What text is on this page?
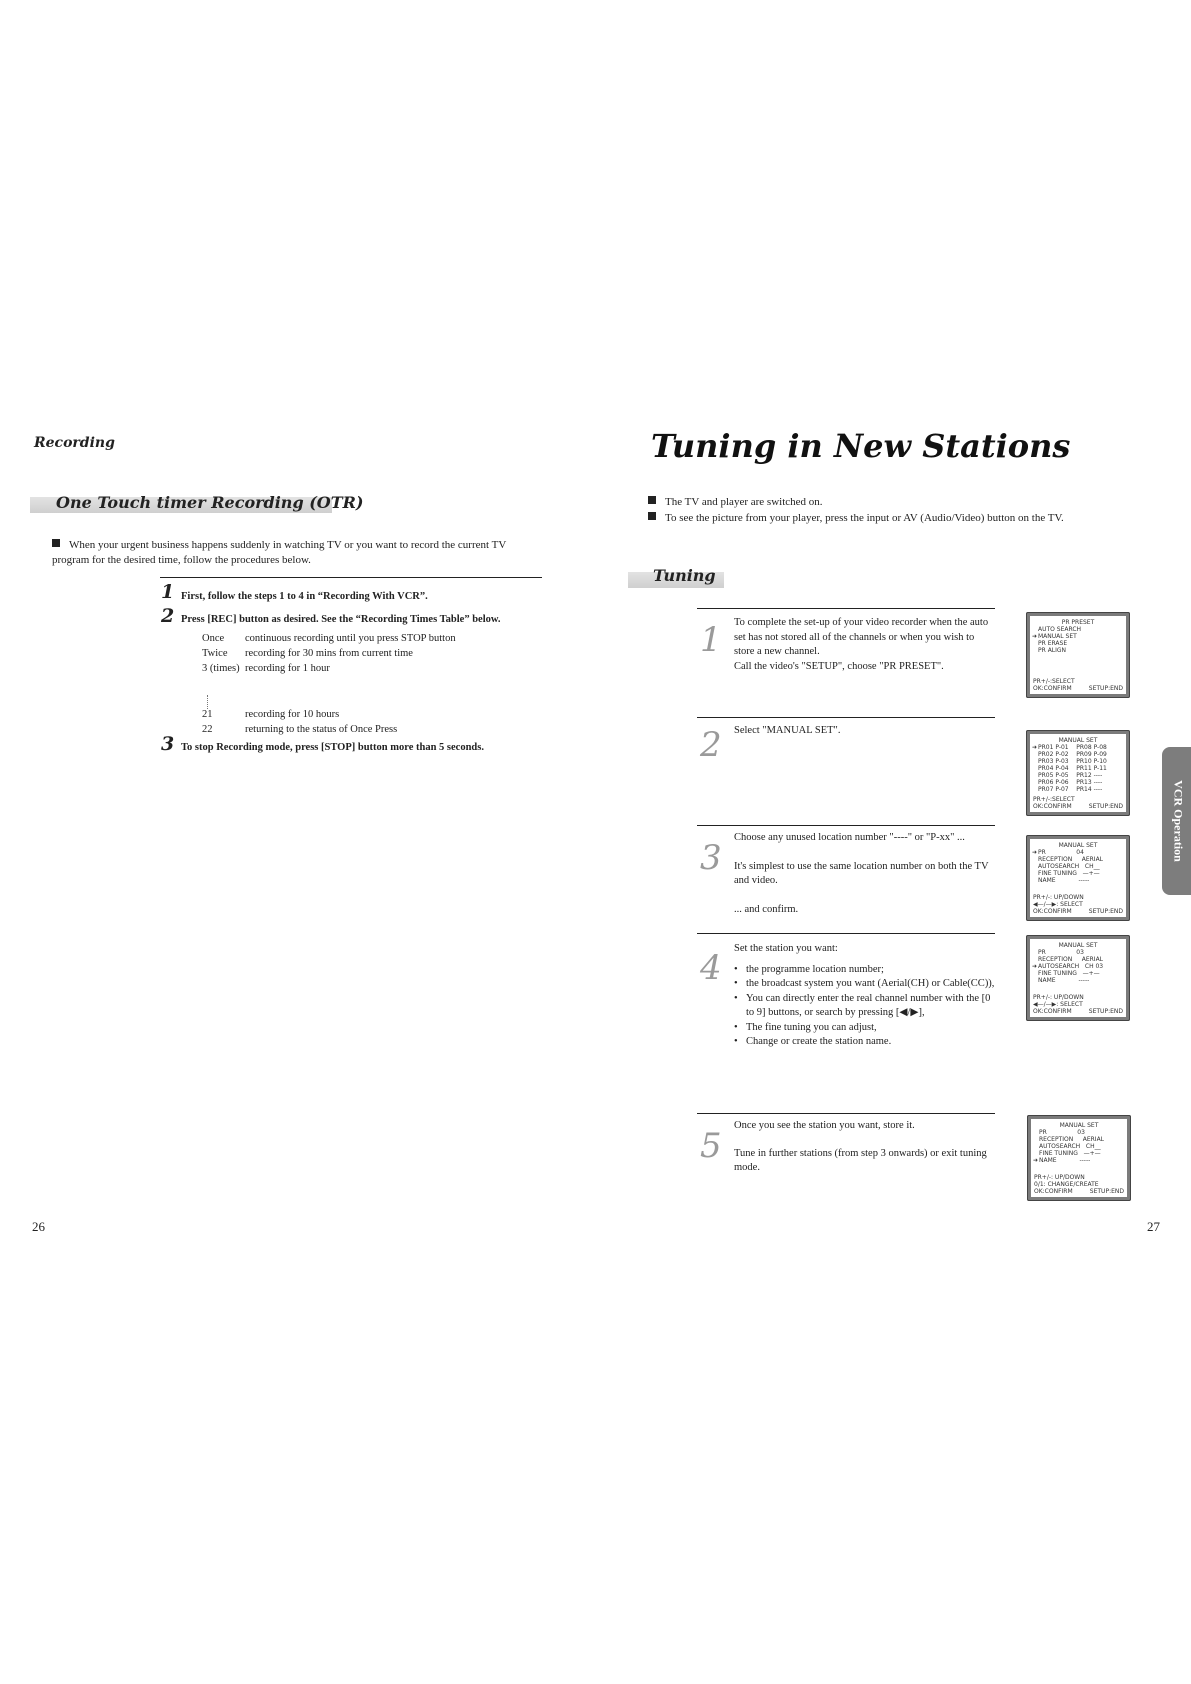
Recording
One Touch timer Recording (OTR)
When your urgent business happens suddenly in watching TV or you want to record the current TV program for the desired time, follow the procedures below.
1 First, follow the steps 1 to 4 in “Recording With VCR”.
2 Press [REC] button as desired. See the “Recording Times Table” below.
Once continuous recording until you press STOP button
Twice recording for 30 mins from current time
3 (times) recording for 1 hour
21	recording for 10 hours
22	returning to the status of Once Press
3 To stop Recording mode, press [STOP] button more than 5 seconds.
26
Tuning in New Stations
The TV and player are switched on.
To see the picture from your player, press the input or AV (Audio/Video) button on the TV.
Tuning
1 To complete the set-up of your video recorder when the auto set has not stored all of the channels or when you wish to store a new channel.

Call the video's "SETUP", choose "PR PRESET".

2 Select "MANUAL SET".

3

Choose any unused location number "----" or "P-xx" ...

It's simplest to use the same location number on both the TV and video.

... and confirm.

4 Set the station you want:

• the programme location number;
• the broadcast system you want (Aerial(CH) or Cable(CC)),
• You can directly enter the real channel number with the [0 to 9] buttons, or search by pressing [◀/▶],
• The fine tuning you can adjust,
• Change or create the station name.
5

Once you see the station you want, store it.

Tune in further stations (from step 3 onwards) or exit tuning mode.

PR PRESET
AUTO SEARCH
➜ MANUAL SET
PR ERASE
PR ALIGN
PR+/-:SELECT
OK:CONFIRM	SETUP:END
MANUAL SET
➜ PR01 P-01    PR08 P-08
PR02 P-02    PR09 P-09
PR03 P-03    PR10 P-10
PR04 P-04    PR11 P-11
PR05 P-05    PR12 ----
PR06 P-06    PR13 ----
PR07 P-07    PR14 ----
PR+/-:SELECT
OK:CONFIRM	SETUP:END
MANUAL SET
➜ PR                04
RECEPTION     AERIAL
AUTOSEARCH   CH__
FINE TUNING   —+—
NAME            -----
PR+/-: UP/DOWN
◀—/—▶: SELECT
OK:CONFIRM	SETUP:END
MANUAL SET
PR                03
RECEPTION     AERIAL
➜ AUTOSEARCH   CH 03
FINE TUNING   —+—
NAME            -----
PR+/-: UP/DOWN
◀—/—▶: SELECT
OK:CONFIRM	SETUP:END
MANUAL SET
PR                03
RECEPTION     AERIAL
AUTOSEARCH   CH__
FINE TUNING   —+—
➜ NAME            -----
PR+/-: UP/DOWN
0/1: CHANGE/CREATE
OK:CONFIRM	SETUP:END
VCR Operation
27
